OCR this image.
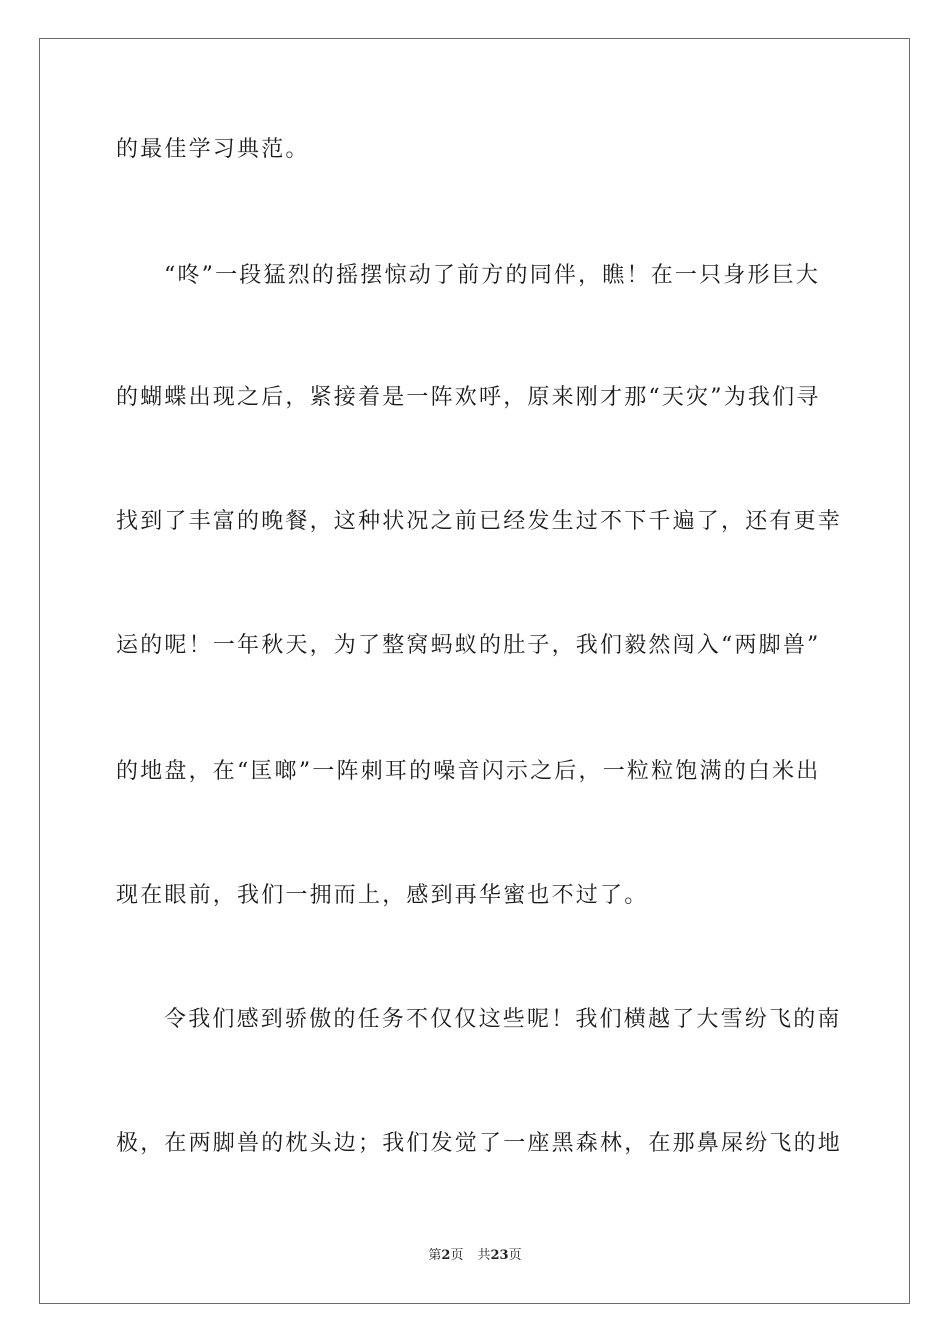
的最佳学习典范。
“咚”一段猛烈的摇摆惊动了前方的同伴，瞧！在一只身形巨大
的蝴蝶出现之后，紧接着是一阵欢呼，原来刚才那“天灾”为我们寻
找到了丰富的晚餐，这种状况之前已经发生过不下千遍了，还有更幸
运的呢！一年秋天，为了整窝蚂蚁的肚子，我们毅然闯入“两脚兽”
的地盘，在“匡啷”一阵刺耳的噪音闪示之后，一粒粒饱满的白米出
现在眼前，我们一拥而上，感到再华蜜也不过了。
令我们感到骄傲的任务不仅仅这些呢！我们横越了大雪纷飞的南
极，在两脚兽的枕头边；我们发觉了一座黑森林，在那鼻屎纷飞的地
第2页 共23页
